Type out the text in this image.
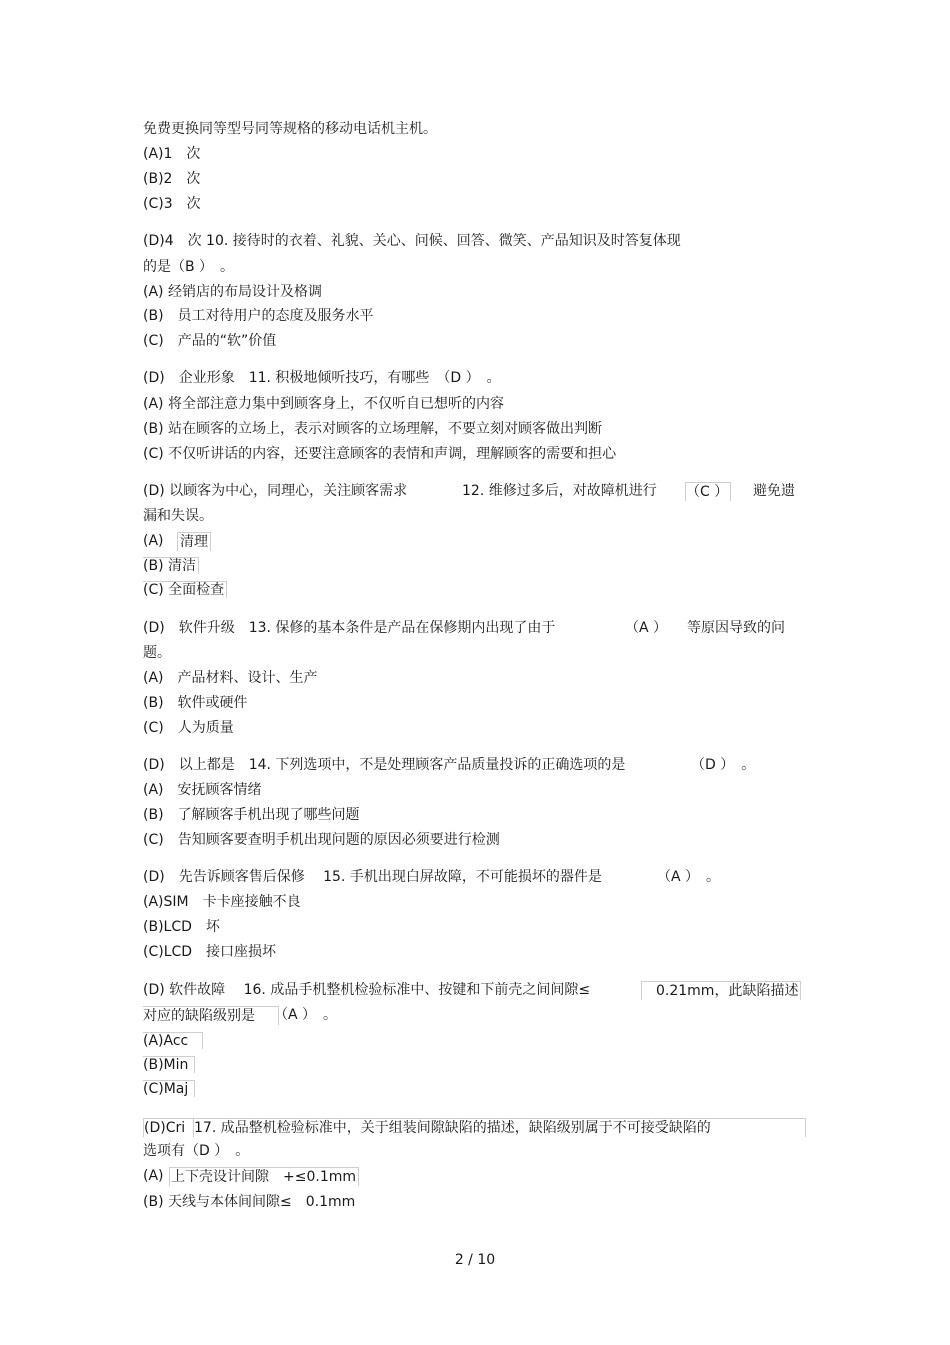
免费更换同等型号同等规格的移动电话机主机。
(A)1　次
(B)2　次
(C)3　次
(D)4　次 10. 接待时的衣着、礼貌、关心、问候、回答、微笑、产品知识及时答复体现
的是（B ）　。
(A) 经销店的布局设计及格调
(B)　员工对待用户的态度及服务水平
(C)　产品的“软”价值
(D)　企业形象　11. 积极地倾听技巧，有哪些　（D ）　。
(A) 将全部注意力集中到顾客身上，不仅听自已想听的内容
(B) 站在顾客的立场上，表示对顾客的立场理解，不要立刻对顾客做出判断
(C) 不仅听讲话的内容，还要注意顾客的表情和声调，理解顾客的需要和担心
(D) 以顾客为中心，同理心，关注顾客需求	12. 维修过多后，对故障机进行 （C ） 避免遗
漏和失误。
(A) 清理
(B) 清洁
(C) 全面检查
(D)　软件升级　13. 保修的基本条件是产品在保修期内出现了由于	（A ） 等原因导致的问
题。
(A)　产品材料、设计、生产
(B)　软件或硬件
(C)　人为质量
(D)　以上都是　14. 下列选项中，不是处理顾客产品质量投诉的正确选项的是	（D ）　。
(A)　安抚顾客情绪
(B)　了解顾客手机出现了哪些问题
(C)　告知顾客要查明手机出现问题的原因必须要进行检测
(D)　先告诉顾客售后保修　 15. 手机出现白屏故障，不可能损坏的器件是	（A ）　。
(A)SIM　卡卡座接触不良
(B)LCD　坏
(C)LCD　接口座损坏
(D) 软件故障　 16. 成品手机整机检验标准中、按键和下前壳之间间隙≤	0.21mm，此缺陷描述
对应的缺陷级别是	（A ）　。
(A)Acc
(B)Min
(C)Maj
(D)Cri 17. 成品整机检验标准中，关于组装间隙缺陷的描述，缺陷级别属于不可接受缺陷的
选项有（D ）　。
(A) 上下壳设计间隙　+≤0.1mm
(B) 天线与本体间间隙≤　0.1mm
2 / 10
